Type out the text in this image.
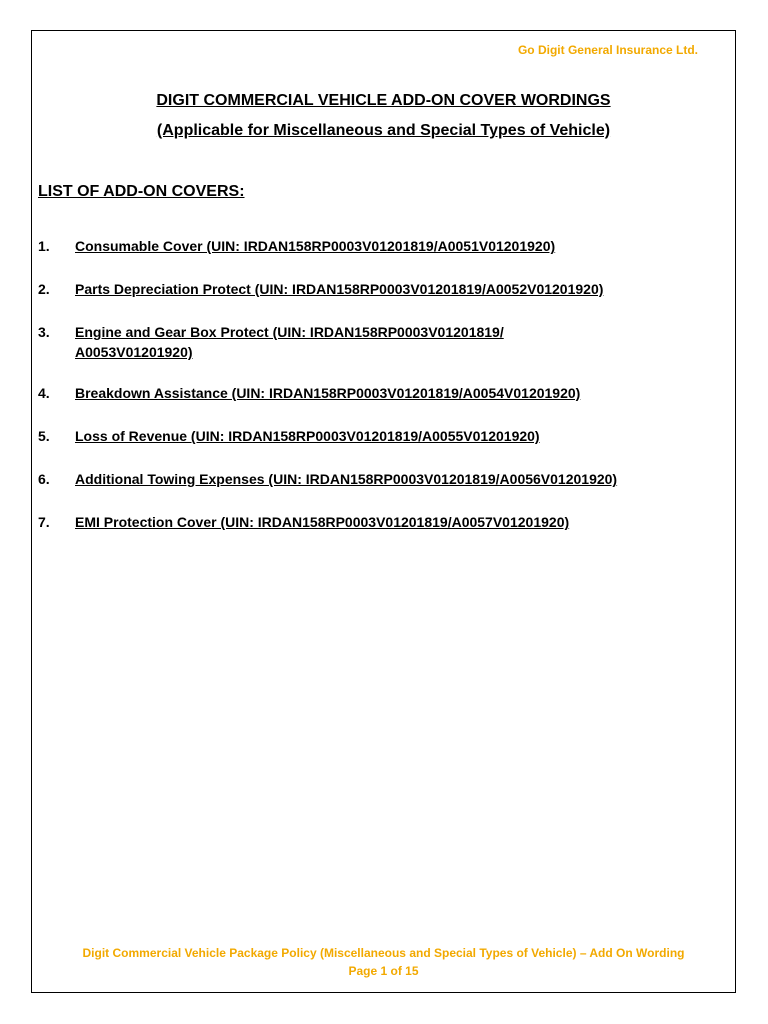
Go Digit General Insurance Ltd.
DIGIT COMMERCIAL VEHICLE ADD-ON COVER WORDINGS
(Applicable for Miscellaneous and Special Types of Vehicle)
LIST OF ADD-ON COVERS:
1.	Consumable Cover (UIN: IRDAN158RP0003V01201819/A0051V01201920)
2.	Parts Depreciation Protect (UIN: IRDAN158RP0003V01201819/A0052V01201920)
3.	Engine and Gear Box Protect (UIN: IRDAN158RP0003V01201819/
A0053V01201920)
4.	Breakdown Assistance (UIN: IRDAN158RP0003V01201819/A0054V01201920)
5.	Loss of Revenue (UIN: IRDAN158RP0003V01201819/A0055V01201920)
6.	Additional Towing Expenses (UIN: IRDAN158RP0003V01201819/A0056V01201920)
7.	EMI Protection Cover (UIN: IRDAN158RP0003V01201819/A0057V01201920)
Digit Commercial Vehicle Package Policy (Miscellaneous and Special Types of Vehicle) – Add On Wording
Page 1 of 15
